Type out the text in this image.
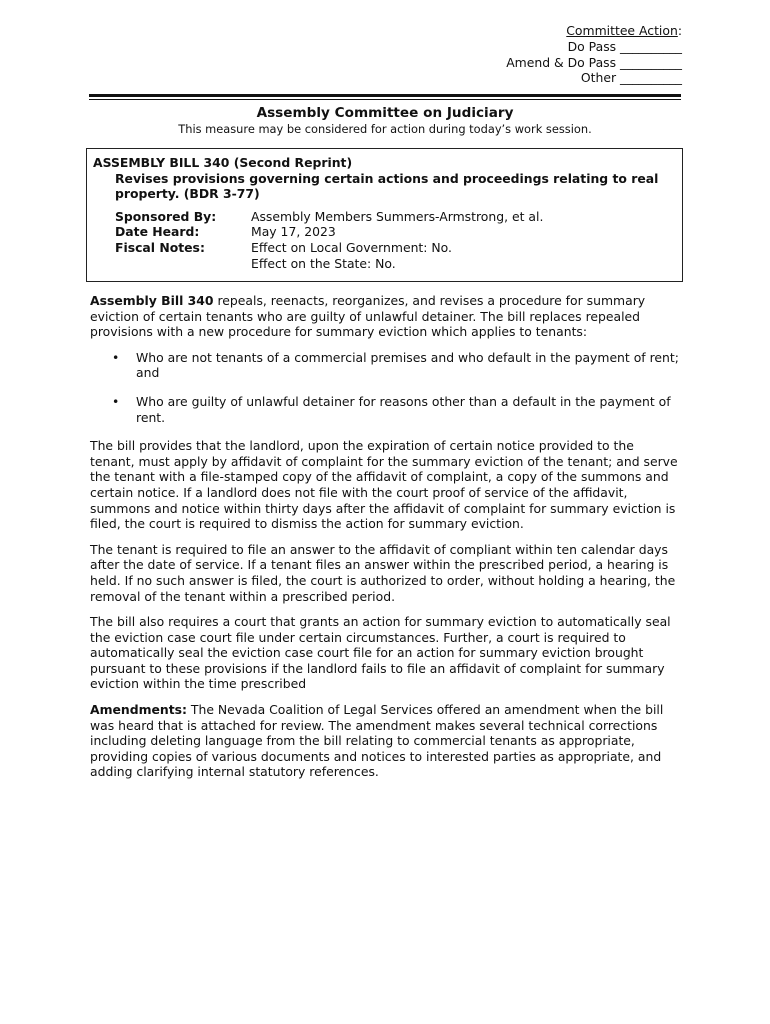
Committee Action:
Do Pass __________
Amend & Do Pass __________
Other __________
Assembly Committee on Judiciary
This measure may be considered for action during today’s work session.
ASSEMBLY BILL 340 (Second Reprint)
Revises provisions governing certain actions and proceedings relating to real property. (BDR 3-77)
Sponsored By:	Assembly Members Summers-Armstrong, et al.
Date Heard:	May 17, 2023
Fiscal Notes:	Effect on Local Government: No.
Effect on the State: No.

Assembly Bill 340 repeals, reenacts, reorganizes, and revises a procedure for summary eviction of certain tenants who are guilty of unlawful detainer. The bill replaces repealed provisions with a new procedure for summary eviction which applies to tenants:

• Who are not tenants of a commercial premises and who default in the payment of rent; and
• Who are guilty of unlawful detainer for reasons other than a default in the payment of rent.

The bill provides that the landlord, upon the expiration of certain notice provided to the tenant, must apply by affidavit of complaint for the summary eviction of the tenant; and serve the tenant with a file-stamped copy of the affidavit of complaint, a copy of the summons and certain notice. If a landlord does not file with the court proof of service of the affidavit, summons and notice within thirty days after the affidavit of complaint for summary eviction is filed, the court is required to dismiss the action for summary eviction.

The tenant is required to file an answer to the affidavit of compliant within ten calendar days after the date of service. If a tenant files an answer within the prescribed period, a hearing is held. If no such answer is filed, the court is authorized to order, without holding a hearing, the removal of the tenant within a prescribed period.

The bill also requires a court that grants an action for summary eviction to automatically seal the eviction case court file under certain circumstances. Further, a court is required to automatically seal the eviction case court file for an action for summary eviction brought pursuant to these provisions if the landlord fails to file an affidavit of complaint for summary eviction within the time prescribed

Amendments: The Nevada Coalition of Legal Services offered an amendment when the bill was heard that is attached for review. The amendment makes several technical corrections including deleting language from the bill relating to commercial tenants as appropriate, providing copies of various documents and notices to interested parties as appropriate, and adding clarifying internal statutory references.
